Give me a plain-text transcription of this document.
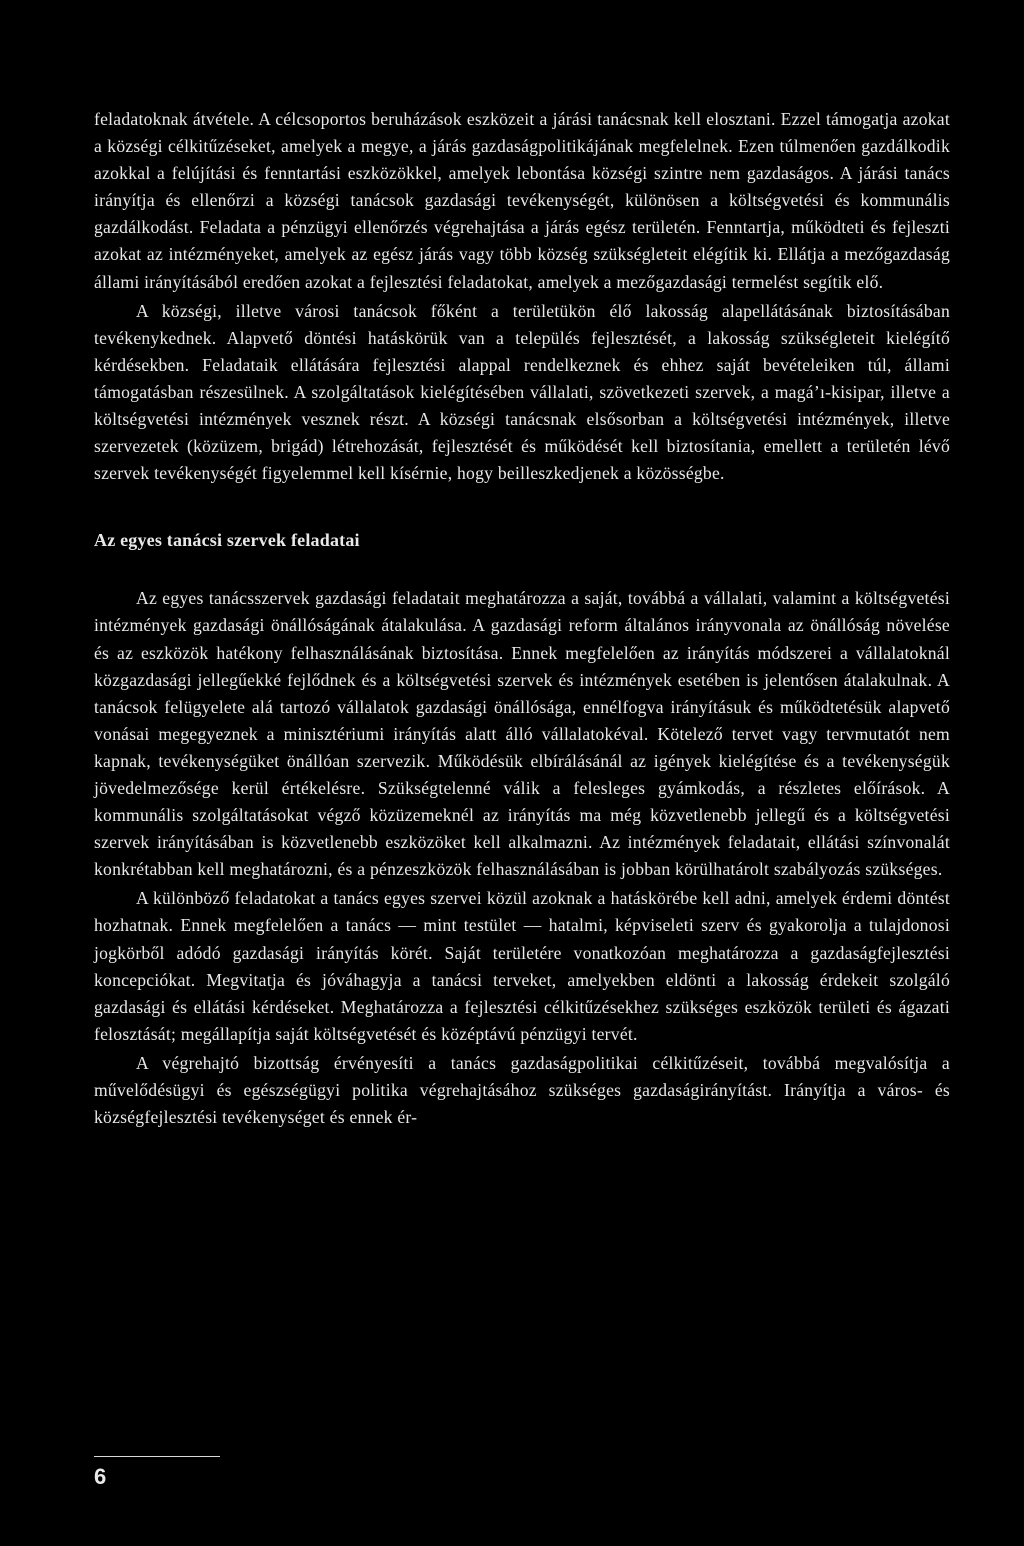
feladatoknak átvétele. A célcsoportos beruházások eszközeit a járási tanácsnak kell elosztani. Ezzel támogatja azokat a községi célkitűzéseket, amelyek a megye, a járás gazdaságpolitikájának megfelelnek. Ezen túlmenően gazdálkodik azokkal a felújítási és fenntartási eszközökkel, amelyek lebontása községi szintre nem gazdaságos. A járási tanács irányítja és ellenőrzi a községi tanácsok gazdasági tevékenységét, különösen a költségvetési és kommunális gazdálkodást. Feladata a pénzügyi ellenőrzés végrehajtása a járás egész területén. Fenntartja, működteti és fejleszti azokat az intézményeket, amelyek az egész járás vagy több község szükségleteit elégítik ki. Ellátja a mezőgazdaság állami irányításából eredően azokat a fejlesztési feladatokat, amelyek a mezőgazdasági termelést segítik elő.

A községi, illetve városi tanácsok főként a területükön élő lakosság alapellátásának biztosításában tevékenykednek. Alapvető döntési hatáskörük van a település fejlesztését, a lakosság szükségleteit kielégítő kérdésekben. Feladataik ellátására fejlesztési alappal rendelkeznek és ehhez saját bevételeiken túl, állami támogatásban részesülnek. A szolgáltatások kielégítésében vállalati, szövetkezeti szervek, a magá’ı-kisipar, illetve a költségvetési intézmények vesznek részt. A községi tanácsnak elsősorban a költségvetési intézmények, illetve szervezetek (közüzem, brigád) létrehozását, fejlesztését és működését kell biztosítania, emellett a területén lévő szervek tevékenységét figyelemmel kell kísérnie, hogy beilleszkedjenek a közösségbe.

Az egyes tanácsi szervek feladatai

Az egyes tanácsszervek gazdasági feladatait meghatározza a saját, továbbá a vállalati, valamint a költségvetési intézmények gazdasági önállóságának átalakulása. A gazdasági reform általános irányvonala az önállóság növelése és az eszközök hatékony felhasználásának biztosítása. Ennek megfelelően az irányítás módszerei a vállalatoknál közgazdasági jellegűekké fejlődnek és a költségvetési szervek és intézmények esetében is jelentősen átalakulnak. A tanácsok felügyelete alá tartozó vállalatok gazdasági önállósága, ennélfogva irányításuk és működtetésük alapvető vonásai megegyeznek a minisztériumi irányítás alatt álló vállalatokéval. Kötelező tervet vagy tervmutatót nem kapnak, tevékenységüket önállóan szervezik. Működésük elbírálásánál az igények kielégítése és a tevékenységük jövedelmezősége kerül értékelésre. Szükségtelenné válik a felesleges gyámkodás, a részletes előírások. A kommunális szolgáltatásokat végző közüzemeknél az irányítás ma még közvetlenebb jellegű és a költségvetési szervek irányításában is közvetlenebb eszközöket kell alkalmazni. Az intézmények feladatait, ellátási színvonalát konkrétabban kell meghatározni, és a pénzeszközök felhasználásában is jobban körülhatárolt szabályozás szükséges.

A különböző feladatokat a tanács egyes szervei közül azoknak a hatáskörébe kell adni, amelyek érdemi döntést hozhatnak. Ennek megfelelően a tanács — mint testület — hatalmi, képviseleti szerv és gyakorolja a tulajdonosi jogkörből adódó gazdasági irányítás körét. Saját területére vonatkozóan meghatározza a gazdaságfejlesztési koncepciókat. Megvitatja és jóváhagyja a tanácsi terveket, amelyekben eldönti a lakosság érdekeit szolgáló gazdasági és ellátási kérdéseket. Meghatározza a fejlesztési célkitűzésekhez szükséges eszközök területi és ágazati felosztását; megállapítja saját költségvetését és középtávú pénzügyi tervét.

A végrehajtó bizottság érvényesíti a tanács gazdaságpolitikai célkitűzéseit, továbbá megvalósítja a művelődésügyi és egészségügyi politika végrehajtásához szükséges gazdaságirányítást. Irányítja a város- és községfejlesztési tevékenységet és ennek ér-

6
